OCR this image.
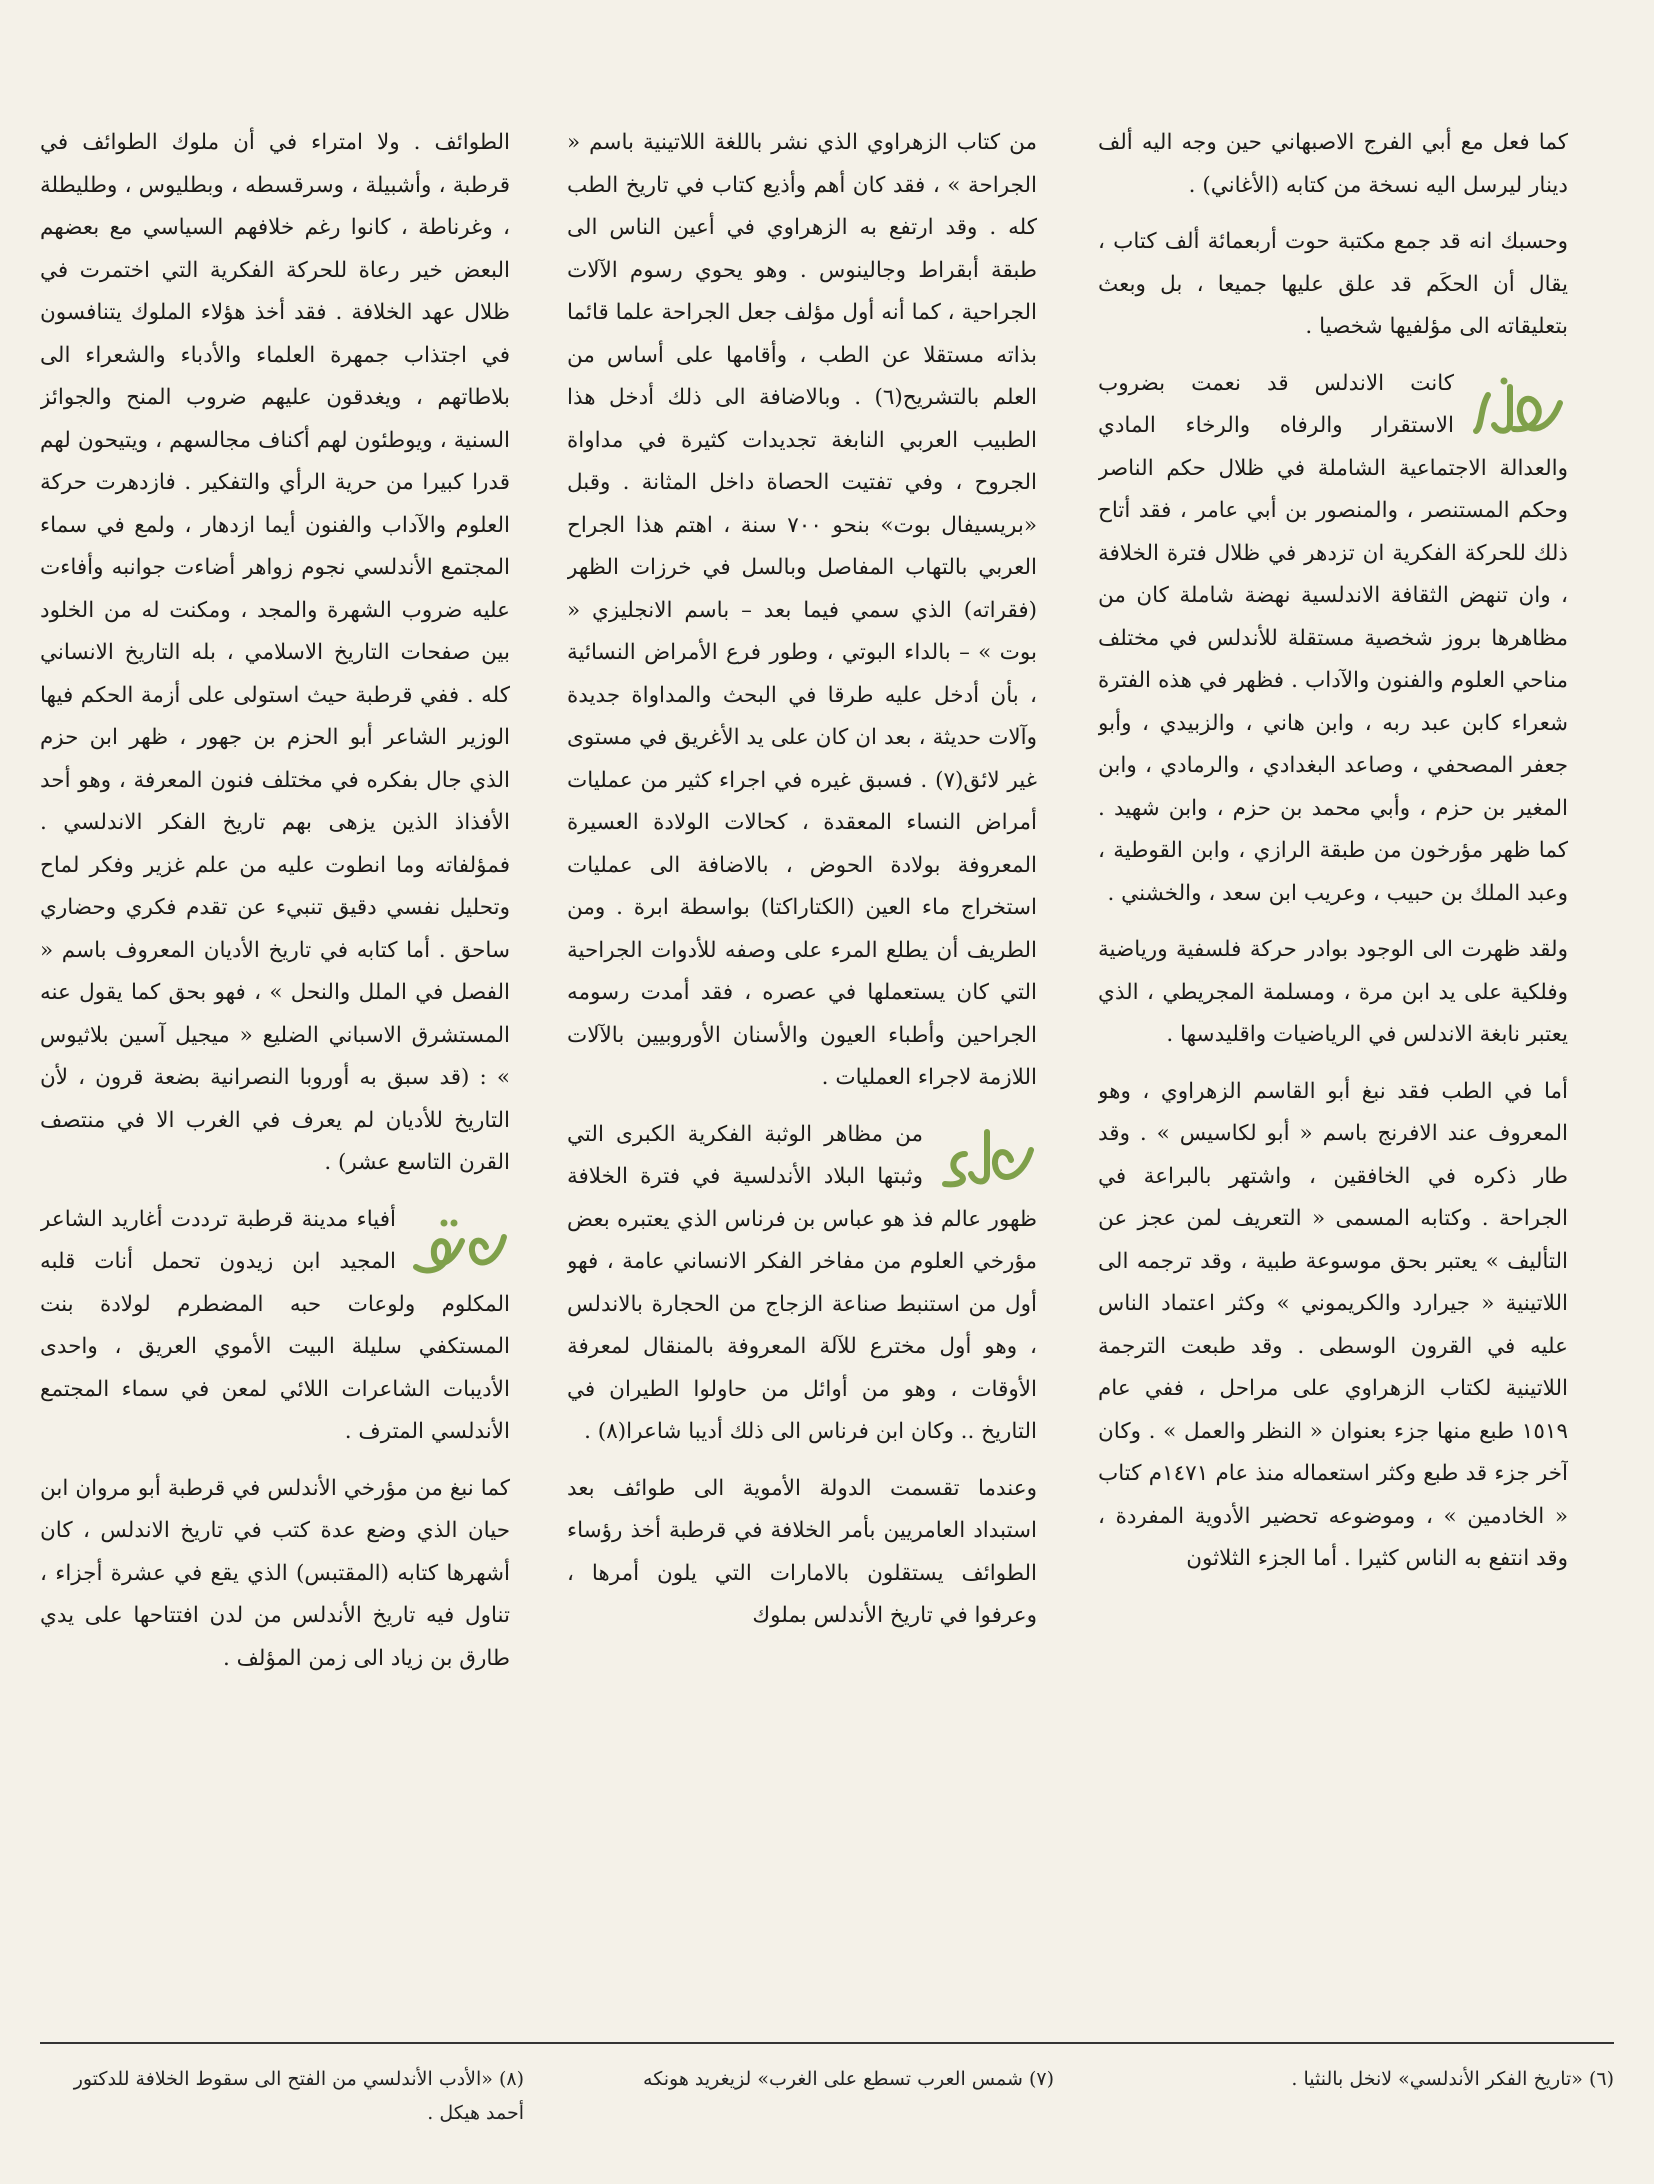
كما فعل مع أبي الفرج الاصبهاني حين وجه اليه ألف دينار ليرسل اليه نسخة من كتابه (الأغاني) .

وحسبك انه قد جمع مكتبة حوت أربعمائة ألف كتاب ، يقال أن الحكَم قد علق عليها جميعا ، بل وبعث بتعليقاته الى مؤلفيها شخصيا .

كانت الاندلس قد نعمت بضروب الاستقرار والرفاه والرخاء المادي والعدالة الاجتماعية الشاملة في ظلال حكم الناصر وحكم المستنصر ، والمنصور بن أبي عامر ، فقد أتاح ذلك للحركة الفكرية ان تزدهر في ظلال فترة الخلافة ، وان تنهض الثقافة الاندلسية نهضة شاملة كان من مظاهرها بروز شخصية مستقلة للأندلس في مختلف مناحي العلوم والفنون والآداب . فظهر في هذه الفترة شعراء كابن عبد ربه ، وابن هاني ، والزبيدي ، وأبو جعفر المصحفي ، وصاعد البغدادي ، والرمادي ، وابن المغير بن حزم ، وأبي محمد بن حزم ، وابن شهيد . كما ظهر مؤرخون من طبقة الرازي ، وابن القوطية ، وعبد الملك بن حبيب ، وعريب ابن سعد ، والخشني .

ولقد ظهرت الى الوجود بوادر حركة فلسفية ورياضية وفلكية على يد ابن مرة ، ومسلمة المجريطي ، الذي يعتبر نابغة الاندلس في الرياضيات واقليدسها .

أما في الطب فقد نبغ أبو القاسم الزهراوي ، وهو المعروف عند الافرنج باسم « أبو لكاسيس » . وقد طار ذكره في الخافقين ، واشتهر بالبراعة في الجراحة . وكتابه المسمى « التعريف لمن عجز عن التأليف » يعتبر بحق موسوعة طبية ، وقد ترجمه الى اللاتينية « جيرارد والكريموني » وكثر اعتماد الناس عليه في القرون الوسطى . وقد طبعت الترجمة اللاتينية لكتاب الزهراوي على مراحل ، ففي عام ١٥١٩ طبع منها جزء بعنوان « النظر والعمل » . وكان آخر جزء قد طبع وكثر استعماله منذ عام ١٤٧١م كتاب « الخادمين » ، وموضوعه تحضير الأدوية المفردة ، وقد انتفع به الناس كثيرا . أما الجزء الثلاثون

من كتاب الزهراوي الذي نشر باللغة اللاتينية باسم « الجراحة » ، فقد كان أهم وأذيع كتاب في تاريخ الطب كله . وقد ارتفع به الزهراوي في أعين الناس الى طبقة أبقراط وجالينوس . وهو يحوي رسوم الآلات الجراحية ، كما أنه أول مؤلف جعل الجراحة علما قائما بذاته مستقلا عن الطب ، وأقامها على أساس من العلم بالتشريح(٦) . وبالاضافة الى ذلك أدخل هذا الطبيب العربي النابغة تجديدات كثيرة في مداواة الجروح ، وفي تفتيت الحصاة داخل المثانة . وقبل «بريسيفال بوت» بنحو ٧٠٠ سنة ، اهتم هذا الجراح العربي بالتهاب المفاصل وبالسل في خرزات الظهر (فقراته) الذي سمي فيما بعد – باسم الانجليزي « بوت » – بالداء البوتي ، وطور فرع الأمراض النسائية ، بأن أدخل عليه طرقا في البحث والمداواة جديدة وآلات حديثة ، بعد ان كان على يد الأغريق في مستوى غير لائق(٧) . فسبق غيره في اجراء كثير من عمليات أمراض النساء المعقدة ، كحالات الولادة العسيرة المعروفة بولادة الحوض ، بالاضافة الى عمليات استخراج ماء العين (الكتاراكتا) بواسطة ابرة . ومن الطريف أن يطلع المرء على وصفه للأدوات الجراحية التي كان يستعملها في عصره ، فقد أمدت رسومه الجراحين وأطباء العيون والأسنان الأوروبيين بالآلات اللازمة لاجراء العمليات .

من مظاهر الوثبة الفكرية الكبرى التي وثبتها البلاد الأندلسية في فترة الخلافة ظهور عالم فذ هو عباس بن فرناس الذي يعتبره بعض مؤرخي العلوم من مفاخر الفكر الانساني عامة ، فهو أول من استنبط صناعة الزجاج من الحجارة بالاندلس ، وهو أول مخترع للآلة المعروفة بالمنقال لمعرفة الأوقات ، وهو من أوائل من حاولوا الطيران في التاريخ .. وكان ابن فرناس الى ذلك أديبا شاعرا(٨) .

وعندما تقسمت الدولة الأموية الى طوائف بعد استبداد العامريين بأمر الخلافة في قرطبة أخذ رؤساء الطوائف يستقلون بالامارات التي يلون أمرها ، وعرفوا في تاريخ الأندلس بملوك

الطوائف . ولا امتراء في أن ملوك الطوائف في قرطبة ، وأشبيلة ، وسرقسطه ، وبطليوس ، وطليطلة ، وغرناطة ، كانوا رغم خلافهم السياسي مع بعضهم البعض خير رعاة للحركة الفكرية التي اختمرت في ظلال عهد الخلافة . فقد أخذ هؤلاء الملوك يتنافسون في اجتذاب جمهرة العلماء والأدباء والشعراء الى بلاطاتهم ، ويغدقون عليهم ضروب المنح والجوائز السنية ، ويوطئون لهم أكناف مجالسهم ، ويتيحون لهم قدرا كبيرا من حرية الرأي والتفكير . فازدهرت حركة العلوم والآداب والفنون أيما ازدهار ، ولمع في سماء المجتمع الأندلسي نجوم زواهر أضاءت جوانبه وأفاءت عليه ضروب الشهرة والمجد ، ومكنت له من الخلود بين صفحات التاريخ الاسلامي ، بله التاريخ الانساني كله . ففي قرطبة حيث استولى على أزمة الحكم فيها الوزير الشاعر أبو الحزم بن جهور ، ظهر ابن حزم الذي جال بفكره في مختلف فنون المعرفة ، وهو أحد الأفذاذ الذين يزهى بهم تاريخ الفكر الاندلسي . فمؤلفاته وما انطوت عليه من علم غزير وفكر لماح وتحليل نفسي دقيق تنبيء عن تقدم فكري وحضاري ساحق . أما كتابه في تاريخ الأديان المعروف باسم « الفصل في الملل والنحل » ، فهو بحق كما يقول عنه المستشرق الاسباني الضليع « ميجيل آسين بلاثيوس » : (قد سبق به أوروبا النصرانية بضعة قرون ، لأن التاريخ للأديان لم يعرف في الغرب الا في منتصف القرن التاسع عشر) .

أفياء مدينة قرطبة ترددت أغاريد الشاعر المجيد ابن زيدون تحمل أنات قلبه المكلوم ولوعات حبه المضطرم لولادة بنت المستكفي سليلة البيت الأموي العريق ، واحدى الأديبات الشاعرات اللائي لمعن في سماء المجتمع الأندلسي المترف .

كما نبغ من مؤرخي الأندلس في قرطبة أبو مروان ابن حيان الذي وضع عدة كتب في تاريخ الاندلس ، كان أشهرها كتابه (المقتبس) الذي يقع في عشرة أجزاء ، تناول فيه تاريخ الأندلس من لدن افتتاحها على يدي طارق بن زياد الى زمن المؤلف .

(٦) «تاريخ الفكر الأندلسي» لانخل بالنثيا .
(٧) شمس العرب تسطع على الغرب» لزيغريد هونكه
(٨) «الأدب الأندلسي من الفتح الى سقوط الخلافة للدكتور أحمد هيكل .
